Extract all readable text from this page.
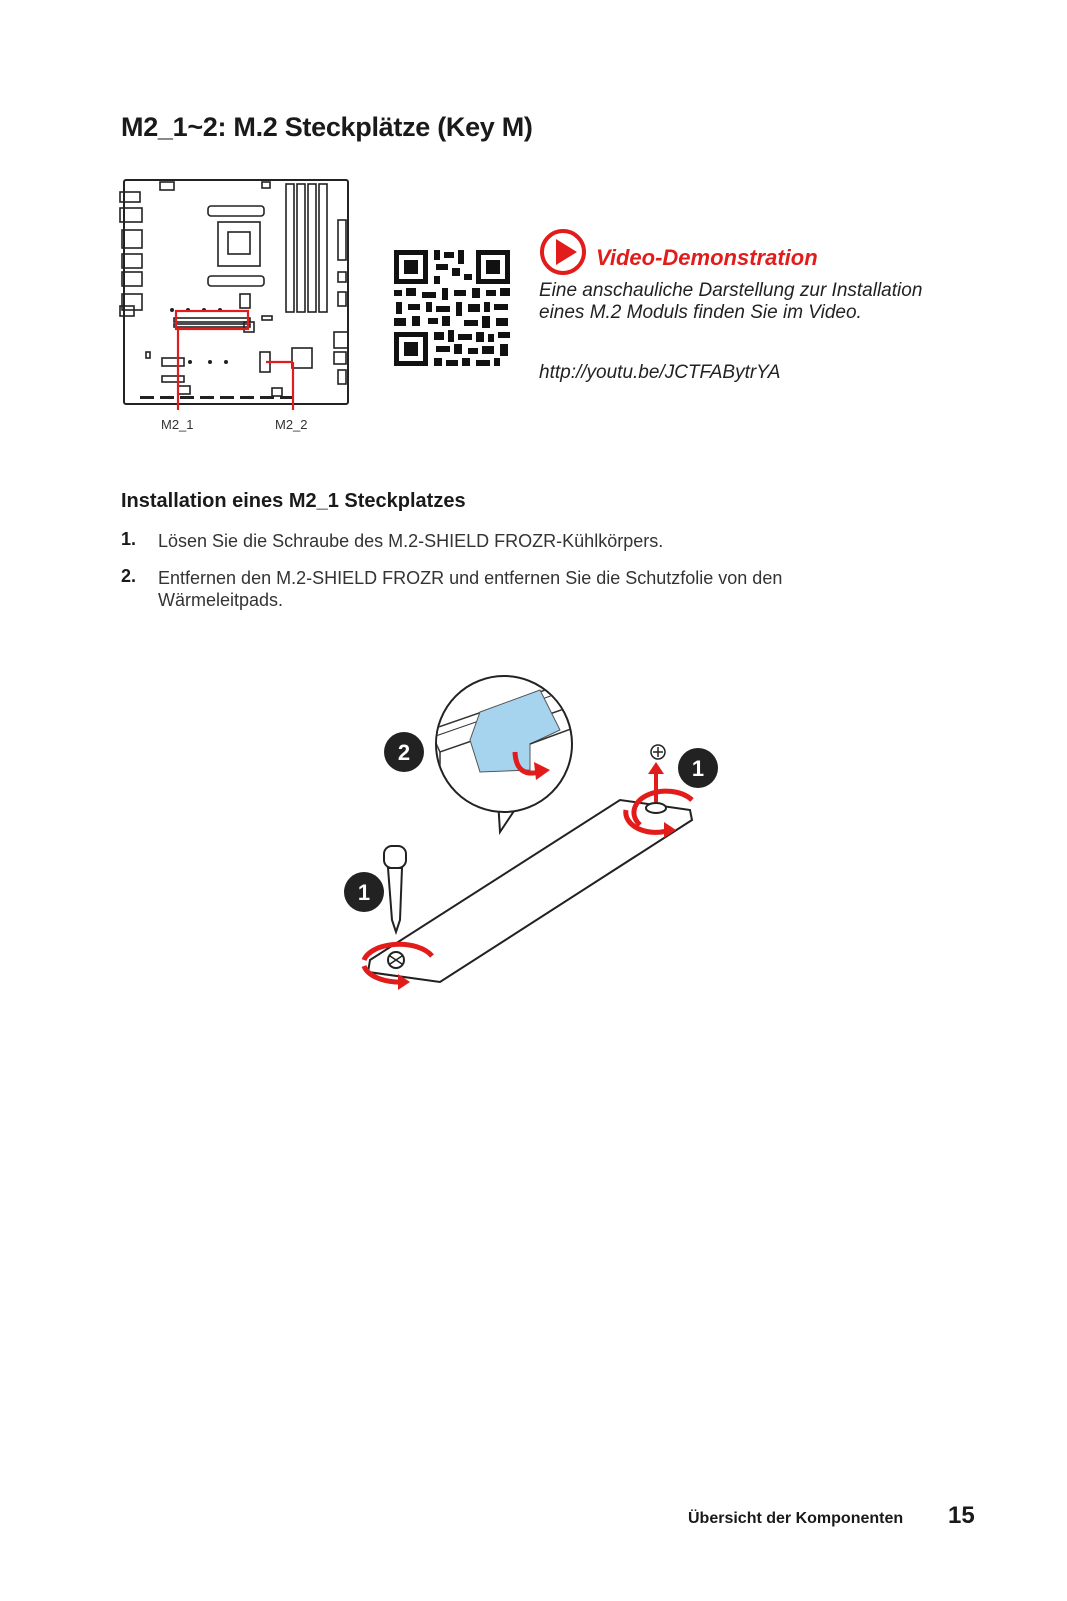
M2_1~2: M.2 Steckplätze (Key M)
M2_1	M2_2
Video-Demonstration
Eine anschauliche Darstellung zur Installation eines M.2 Moduls finden Sie im Video.
http://youtu.be/JCTFABytrYA
Installation eines M2_1 Steckplatzes
1. Lösen Sie die Schraube des M.2-SHIELD FROZR-Kühlkörpers.
2. Entfernen den M.2-SHIELD FROZR und entfernen Sie die Schutzfolie von den Wärmeleitpads.
2
1
1
Übersicht der Komponenten 15
